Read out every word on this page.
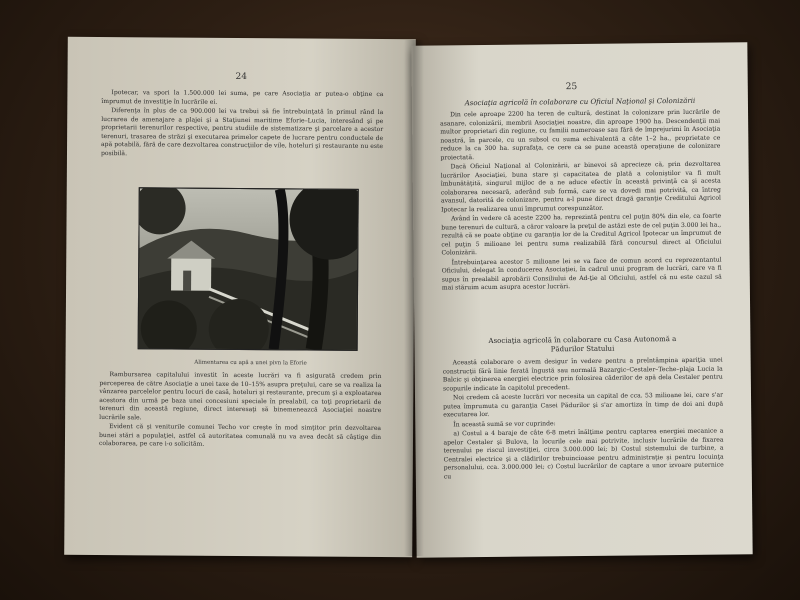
24

Ipotecar, va spori la 1.500.000 lei suma, pe care Asociaţia ar putea-o obţine ca împrumut de investiţie în lucrările ei.

Diferenţa în plus de ca 900.000 lei va trebui să fie întrebuinţată în primul rând la lucrarea de amenajare a plajei şi a Staţiunei maritime Eforie–Lucia, interesând şi pe proprietarii terenurilor respective, pentru studiile de sistematizare şi parcelare a acestor terenuri, trasarea de străzi şi executarea primelor capete de lucrare pentru conductele de apă potabilă, fără de care dezvoltarea construcţiilor de vile, hoteluri şi restaurante nu este posibilă.

Alimentarea cu apă a unei pivn la Eforie

Rambursarea capitalului investit în aceste lucrări va fi asigurată credem prin perceperea de către Asociaţie a unei taxe de 10–15% asupra preţului, care se va realiza la vânzarea parcelelor pentru locuri de casă, hoteluri şi restaurante, precum şi a exploatarea acestora din urmă pe baza unei concesiuni speciale în prealabil, ca toţi proprietarii de terenuri din această regiune, direct interesaţi să binemeneazcă Asociaţiei noastre lucrările sale.

Evident că și veniturile comunei Techo vor creşte în mod simţitor prin dezvoltarea bunei stări a populaţiei, astfel că autoritatea comunală nu va avea decât să câştige din colaborarea, pe care i-o solicităm.

25
Asociaţia agricolă în colaborare cu Oficiul Naţional şi Colonizării

Din cele aproape 2200 ha teren de cultură, destinat la colonizare prin lucrările de asanare, colonizării, membrii Asociaţiei noastre, din aproape 1900 ha. Descendenţii mai multor proprietari din regiune, cu familii numeroase sau fără de împrejurimi în Asociaţia noastră, în parcele, cu un subsol cu suma echivalentă a câte 1–2 ha., proprietate ce reduce la ca 300 ha. suprafaţa, ce cere ca se pune această operaţiune de colonizare proiectată.

Dacă Oficiul Naţional al Colonizării, ar binevoi să aprecieze că, prin dezvoltarea lucrărilor Asociaţiei, buna stare şi capacitatea de plată a coloniştilor va fi mult îmbunătăţită, singurul mijloc de a ne aduce efectiv în această privinţă ca şi acesta colaborarea necesară, aderând sub formă, care se va dovedi mai potrivită, ca întreg avansul, datorită de colonizare, pentru a-l pune direct dragă garanţie Creditului Agricol Ipotecar la realizarea unui împrumut corespunzător.

Având în vedere că aceste 2200 ha. reprezintă pentru cel puţin 80% din ele, ca foarte bune terenuri de cultură, a căror valoare la preţul de astăzi este de cel puţin 3.000 lei ha., rezultă că se poate obţine cu garanţia lor de la Creditul Agricol Ipotecar un împrumut de cel puţin 5 milioane lei pentru suma realizabilă fără concursul direct al Oficiului Colonizării.

Întrebuinţarea acestor 5 milioane lei se va face de comun acord cu reprezentantul Oficiului, delegat în conducerea Asociaţiei, în cadrul unui program de lucrări, care va fi supus în prealabil aprobării Consiliului de Ad-ţie al Oficiului, astfel că nu este cazul să mai stăruim acum asupra acestor lucrări.

Asociaţia agricolă în colaborare cu Casa Autonomă a
Pădurilor Statului

Această colaborare o avem desigur în vedere pentru a preîntâmpina apariţia unei construcţii fără linie ferată îngustă sau normală Bazargic–Cestaler–Teche–plaja Lucia la Balcic şi obţinerea energiei electrice prin folosirea căderilor de apă dela Cestaler pentru scopurile indicate în capitolul precedent.

Noi credem că aceste lucrări vor necesita un capital de cca. 53 milioane lei, care s'ar putea împrumuta cu garanţia Casei Pădurilor şi s'ar amortiza în timp de doi ani după executarea lor.

În această sumă se vor cuprinde:

a) Costul a 4 baraje de câte 6-8 metri înălţime pentru captarea energiei mecanice a apelor Cestaler şi Bulova, la locurile cele mai potrivite, inclusiv lucrările de fixarea terenului pe riscul investiţiei, circa 3.000.000 lei; b) Costul sistemului de turbine, a Centralei electrice şi a clădirilor trebuincioase pentru administraţie şi pentru locuinţa personalului, cca. 3.000.000 lei; c) Costul lucrărilor de captare a unor izvoare puternice cu
